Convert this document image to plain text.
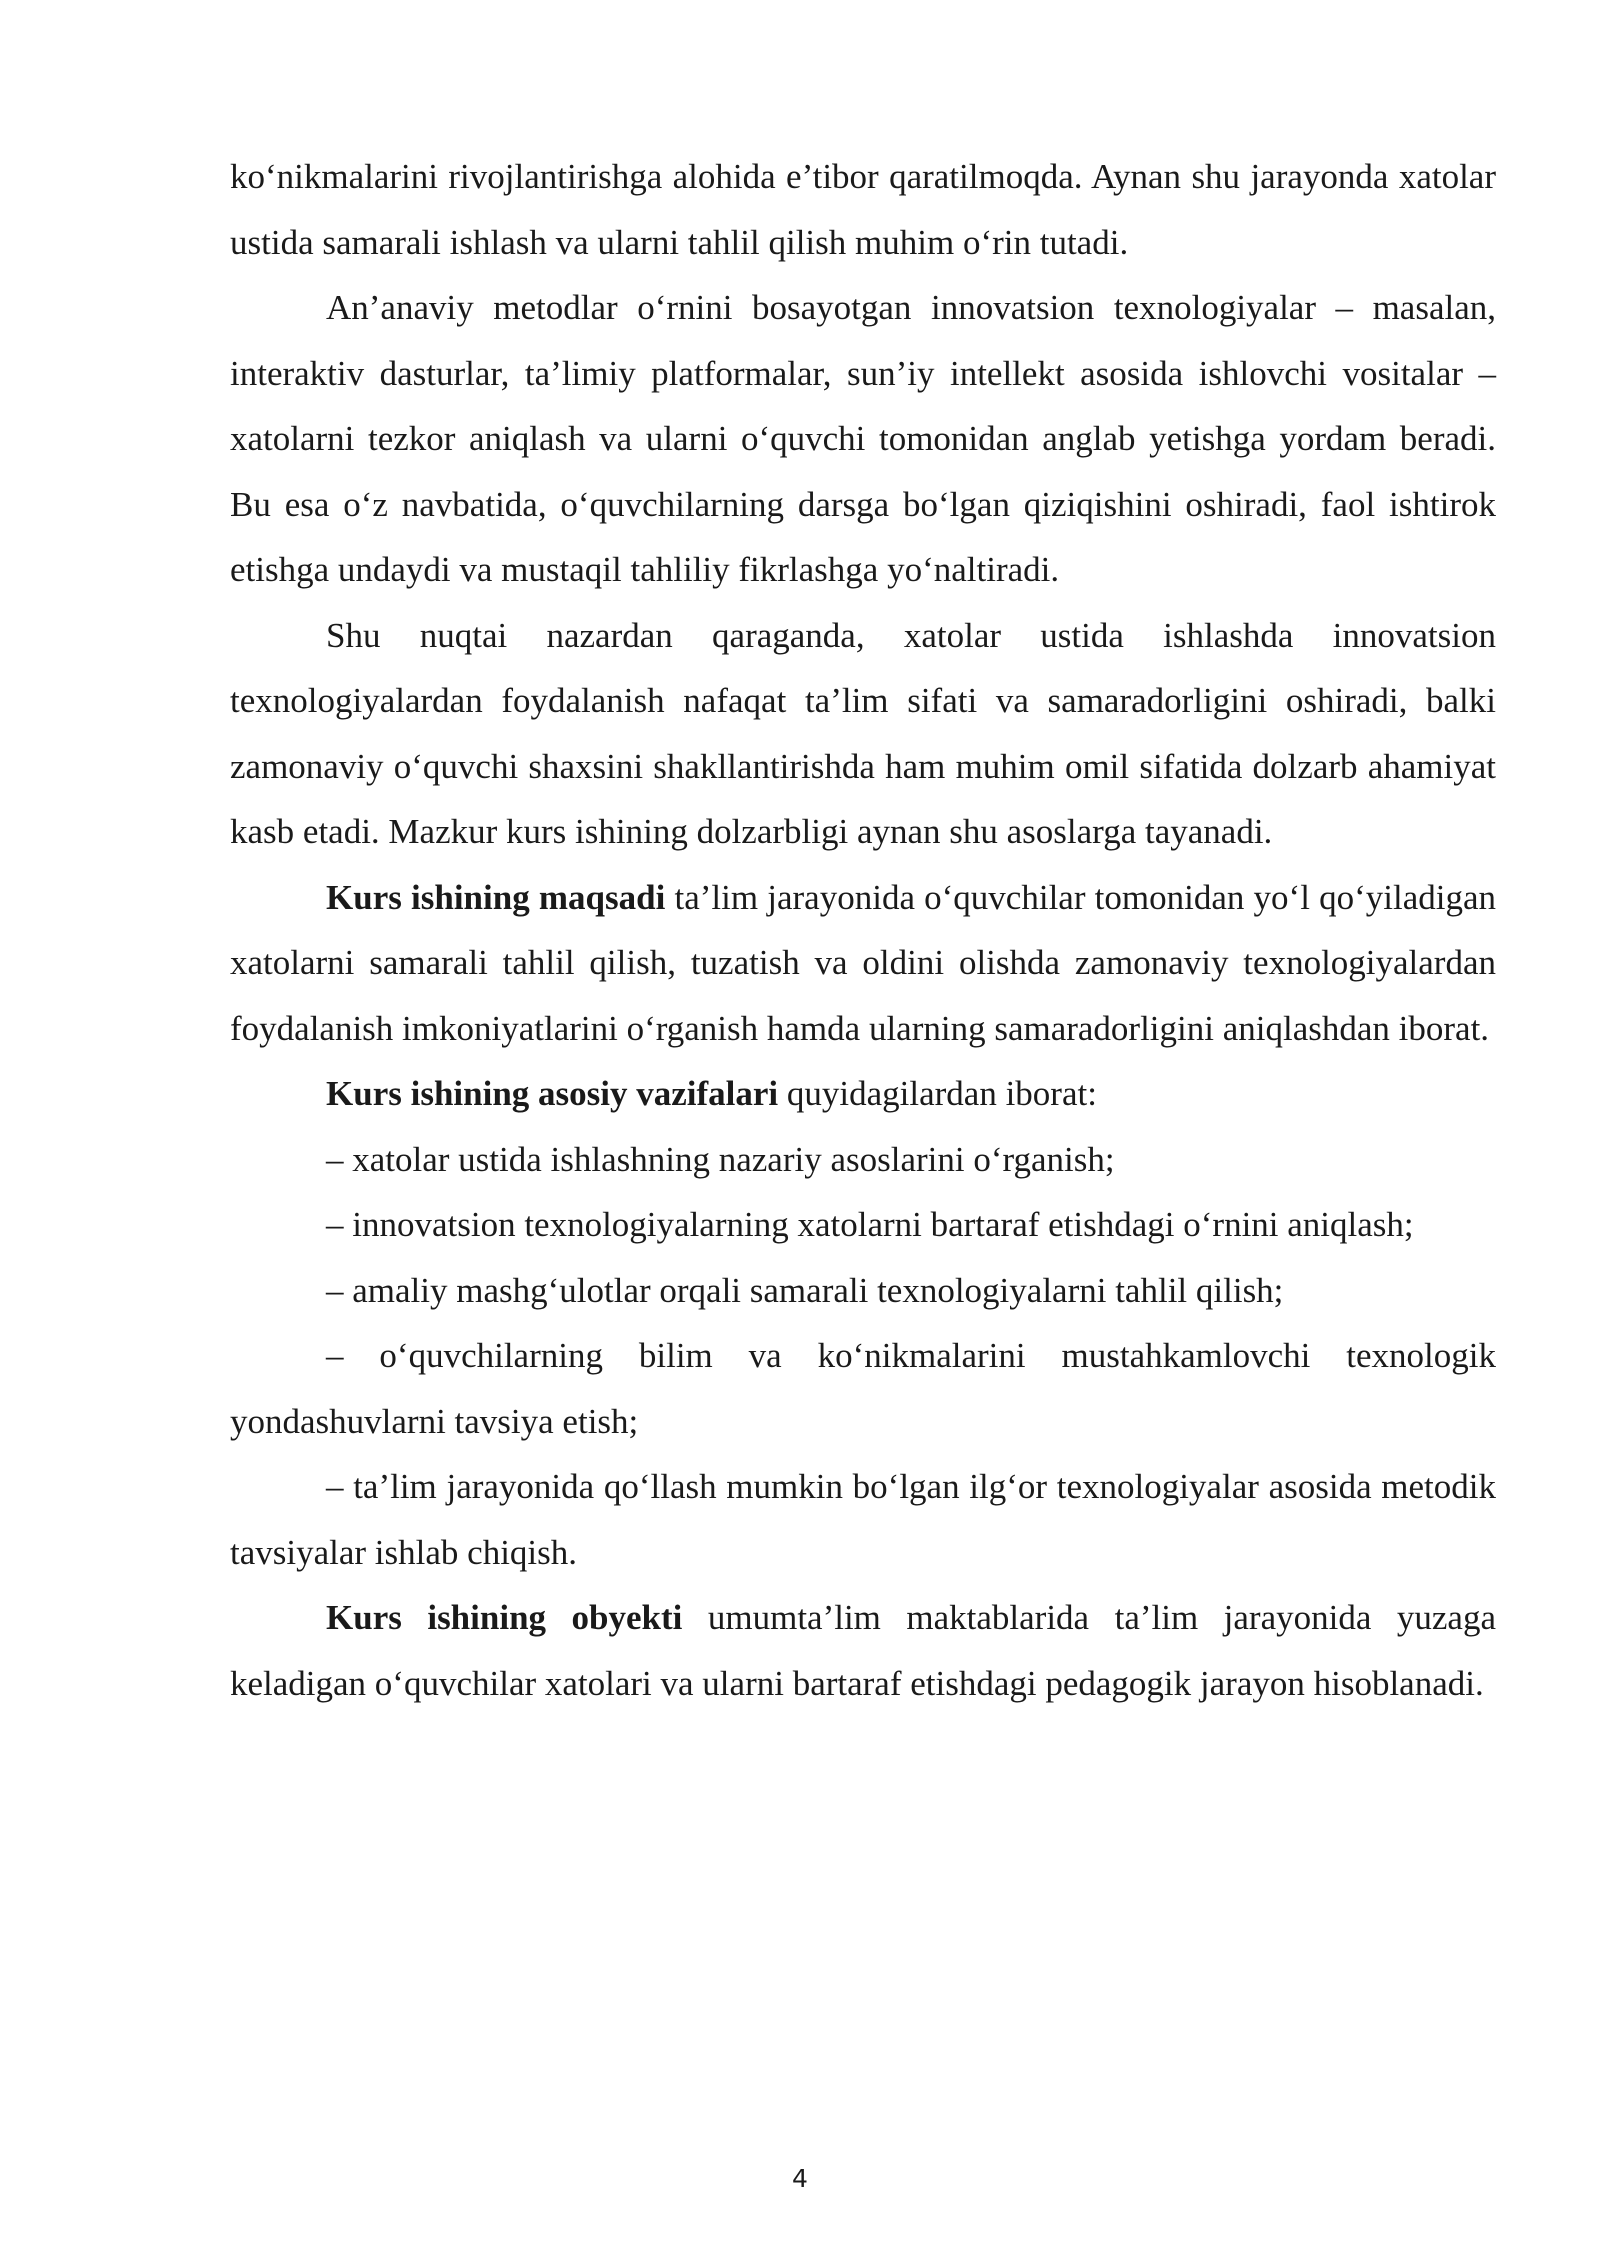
ko‘nikmalarini rivojlantirishga alohida e’tibor qaratilmoqda. Aynan shu jarayonda xatolar ustida samarali ishlash va ularni tahlil qilish muhim o‘rin tutadi.

An’anaviy metodlar o‘rnini bosayotgan innovatsion texnologiyalar – masalan, interaktiv dasturlar, ta’limiy platformalar, sun’iy intellekt asosida ishlovchi vositalar – xatolarni tezkor aniqlash va ularni o‘quvchi tomonidan anglab yetishga yordam beradi. Bu esa o‘z navbatida, o‘quvchilarning darsga bo‘lgan qiziqishini oshiradi, faol ishtirok etishga undaydi va mustaqil tahliliy fikrlashga yo‘naltiradi.

Shu nuqtai nazardan qaraganda, xatolar ustida ishlashda innovatsion texnologiyalardan foydalanish nafaqat ta’lim sifati va samaradorligini oshiradi, balki zamonaviy o‘quvchi shaxsini shakllantirishda ham muhim omil sifatida dolzarb ahamiyat kasb etadi. Mazkur kurs ishining dolzarbligi aynan shu asoslarga tayanadi.

Kurs ishining maqsadi ta’lim jarayonida o‘quvchilar tomonidan yo‘l qo‘yiladigan xatolarni samarali tahlil qilish, tuzatish va oldini olishda zamonaviy texnologiyalardan foydalanish imkoniyatlarini o‘rganish hamda ularning samaradorligini aniqlashdan iborat.

Kurs ishining asosiy vazifalari quyidagilardan iborat:

– xatolar ustida ishlashning nazariy asoslarini o‘rganish;

– innovatsion texnologiyalarning xatolarni bartaraf etishdagi o‘rnini aniqlash;

– amaliy mashg‘ulotlar orqali samarali texnologiyalarni tahlil qilish;

– o‘quvchilarning bilim va ko‘nikmalarini mustahkamlovchi texnologik yondashuvlarni tavsiya etish;

– ta’lim jarayonida qo‘llash mumkin bo‘lgan ilg‘or texnologiyalar asosida metodik tavsiyalar ishlab chiqish.

Kurs ishining obyekti umumta’lim maktablarida ta’lim jarayonida yuzaga keladigan o‘quvchilar xatolari va ularni bartaraf etishdagi pedagogik jarayon hisoblanadi.

4
